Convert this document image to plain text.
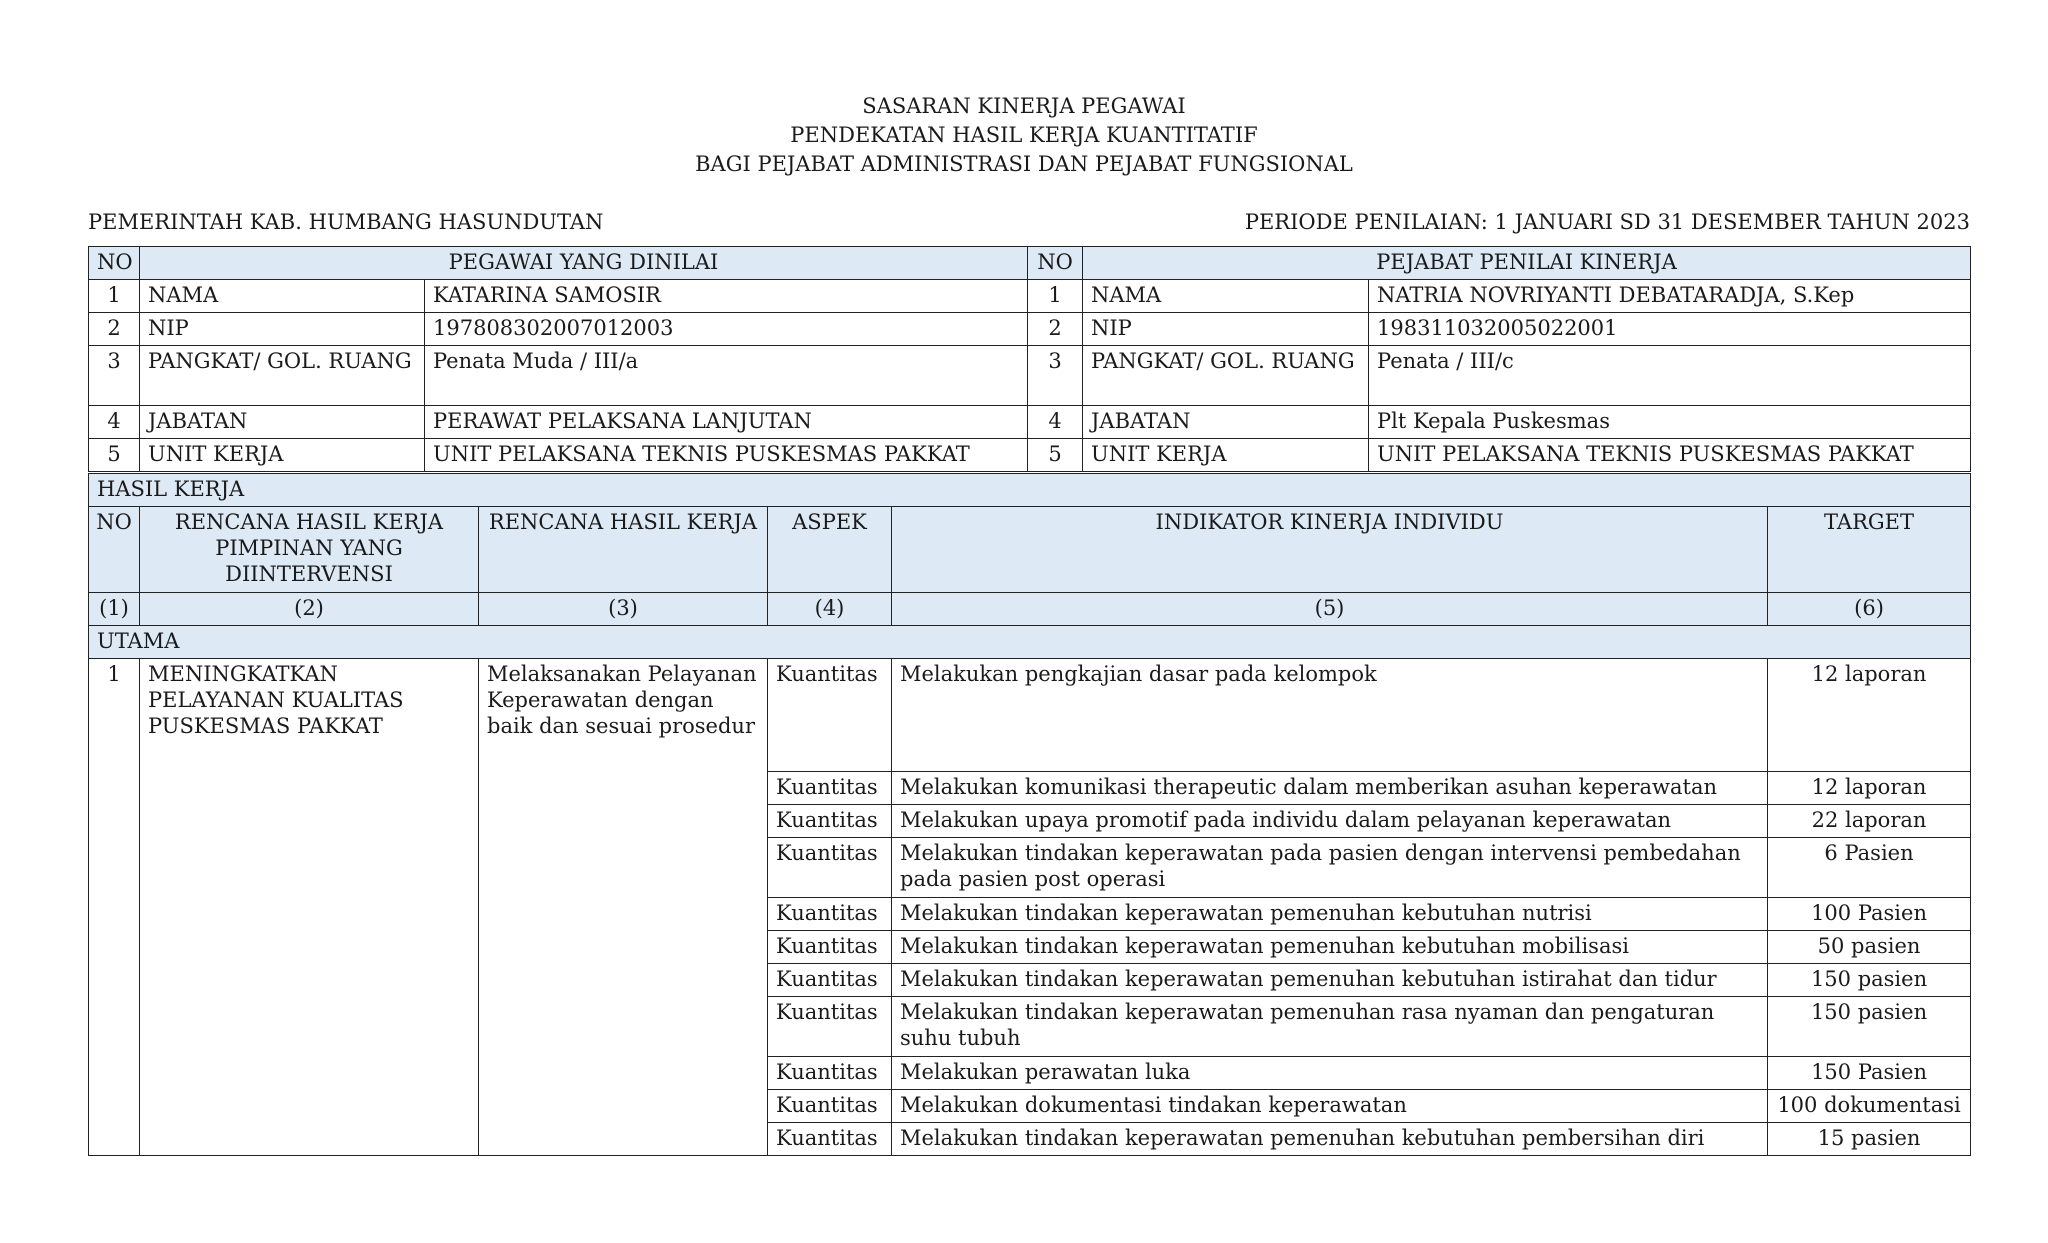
SASARAN KINERJA PEGAWAI
PENDEKATAN HASIL KERJA KUANTITATIF
BAGI PEJABAT ADMINISTRASI DAN PEJABAT FUNGSIONAL
PEMERINTAH KAB. HUMBANG HASUNDUTAN	PERIODE PENILAIAN: 1 JANUARI SD 31 DESEMBER TAHUN 2023
NO	PEGAWAI YANG DINILAI		NO	PEJABAT PENILAI KINERJA	
1	NAMA	KATARINA SAMOSIR	1	NAMA	NATRIA NOVRIYANTI DEBATARADJA, S.Kep
2	NIP	197808302007012003	2	NIP	198311032005022001
3	PANGKAT/ GOL. RUANG	Penata Muda / III/a	3	PANGKAT/ GOL. RUANG	Penata / III/c
4	JABATAN	PERAWAT PELAKSANA LANJUTAN	4	JABATAN	Plt Kepala Puskesmas
5	UNIT KERJA	UNIT PELAKSANA TEKNIS PUSKESMAS PAKKAT	5	UNIT KERJA	UNIT PELAKSANA TEKNIS PUSKESMAS PAKKAT
HASIL KERJA					
NO	RENCANA HASIL KERJA PIMPINAN YANG DIINTERVENSI	RENCANA HASIL KERJA	ASPEK	INDIKATOR KINERJA INDIVIDU	TARGET
(1)	(2)	(3)	(4)	(5)	(6)
UTAMA					
1	MENINGKATKAN PELAYANAN KUALITAS PUSKESMAS PAKKAT	Melaksanakan Pelayanan Keperawatan dengan baik dan sesuai prosedur	Kuantitas	Melakukan pengkajian dasar pada kelompok	12 laporan
			Kuantitas	Melakukan komunikasi therapeutic dalam memberikan asuhan keperawatan	12 laporan
			Kuantitas	Melakukan upaya promotif pada individu dalam pelayanan keperawatan	22 laporan
			Kuantitas	Melakukan tindakan keperawatan pada pasien dengan intervensi pembedahan pada pasien post operasi	6 Pasien
			Kuantitas	Melakukan tindakan keperawatan pemenuhan kebutuhan nutrisi	100 Pasien
			Kuantitas	Melakukan tindakan keperawatan pemenuhan kebutuhan mobilisasi	50 pasien
			Kuantitas	Melakukan tindakan keperawatan pemenuhan kebutuhan istirahat dan tidur	150 pasien
			Kuantitas	Melakukan tindakan keperawatan pemenuhan rasa nyaman dan pengaturan suhu tubuh	150 pasien
			Kuantitas	Melakukan perawatan luka	150 Pasien
			Kuantitas	Melakukan dokumentasi tindakan keperawatan	100 dokumentasi
			Kuantitas	Melakukan tindakan keperawatan pemenuhan kebutuhan pembersihan diri	15 pasien
